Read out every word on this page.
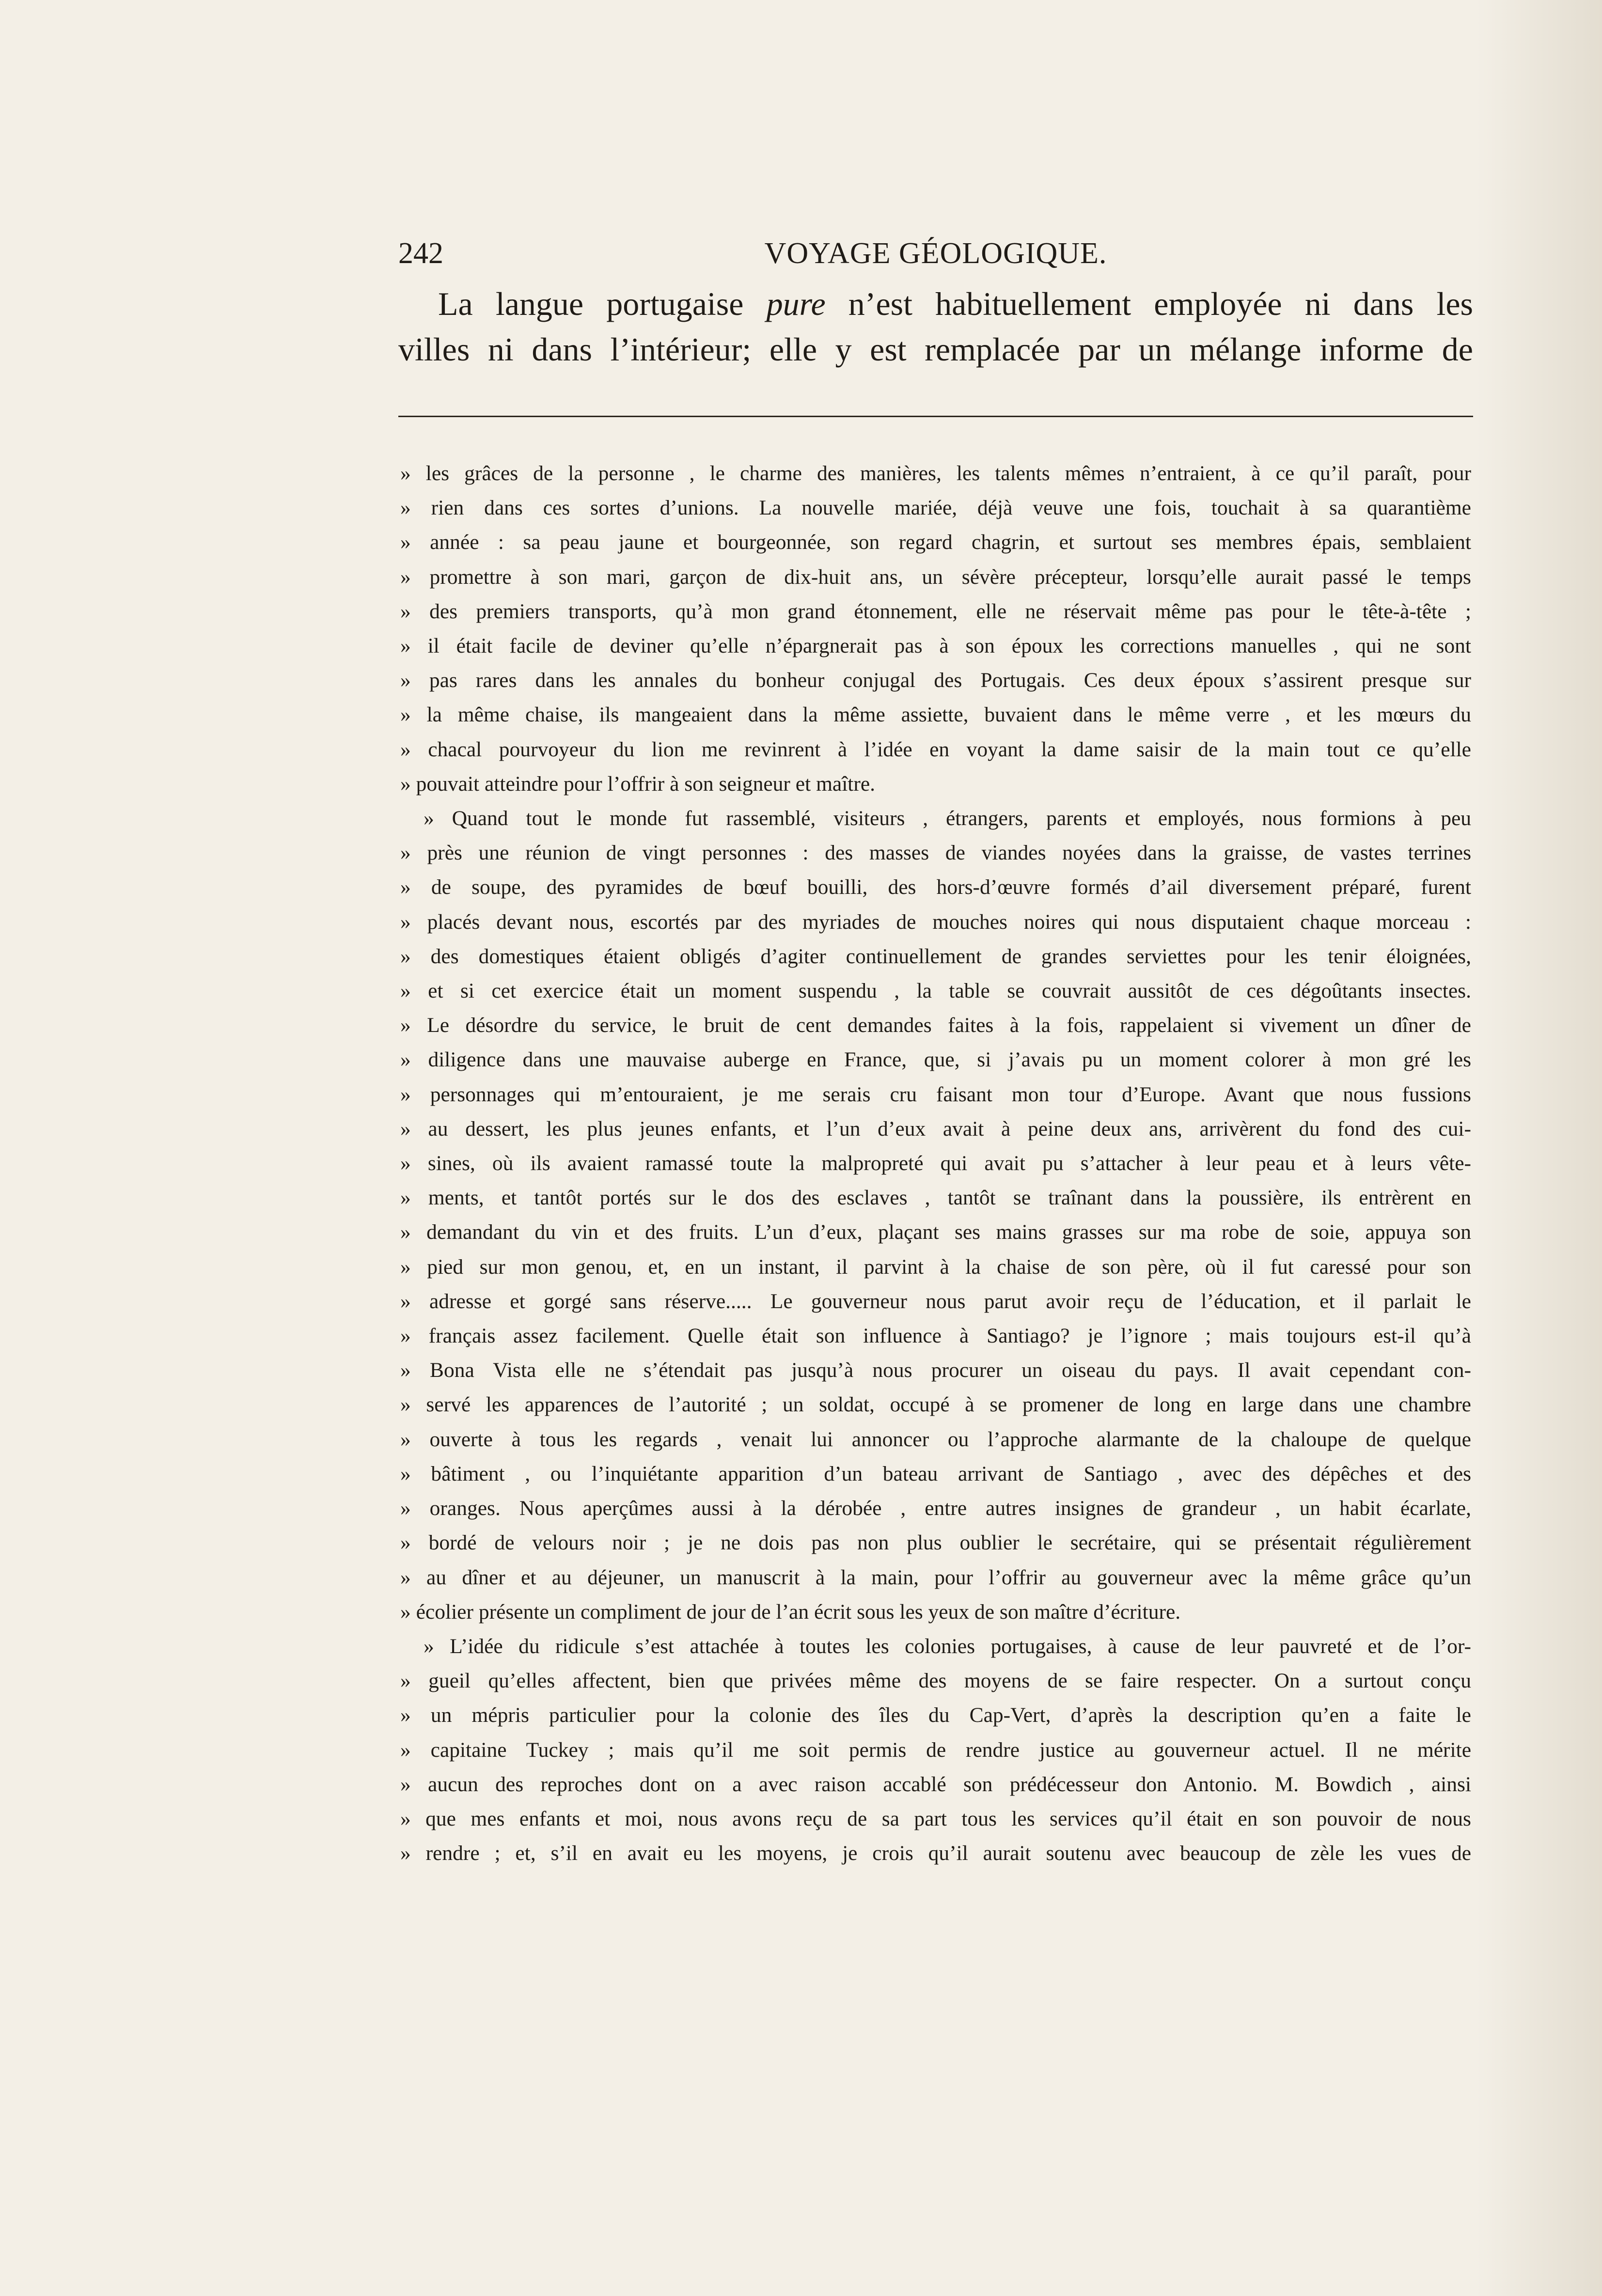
242	VOYAGE GÉOLOGIQUE.
La langue portugaise pure n’est habituellement employée ni dans les
villes ni dans l’intérieur; elle y est remplacée par un mélange informe de
» les grâces de la personne , le charme des manières, les talents mêmes n’entraient, à ce qu’il paraît, pour
» rien dans ces sortes d’unions. La nouvelle mariée, déjà veuve une fois, touchait à sa quarantième
» année : sa peau jaune et bourgeonnée, son regard chagrin, et surtout ses membres épais, semblaient
» promettre à son mari, garçon de dix-huit ans, un sévère précepteur, lorsqu’elle aurait passé le temps
» des premiers transports, qu’à mon grand étonnement, elle ne réservait même pas pour le tête-à-tête ;
» il était facile de deviner qu’elle n’épargnerait pas à son époux les corrections manuelles , qui ne sont
» pas rares dans les annales du bonheur conjugal des Portugais. Ces deux époux s’assirent presque sur
» la même chaise, ils mangeaient dans la même assiette, buvaient dans le même verre , et les mœurs du
» chacal pourvoyeur du lion me revinrent à l’idée en voyant la dame saisir de la main tout ce qu’elle
» pouvait atteindre pour l’offrir à son seigneur et maître.
» Quand tout le monde fut rassemblé, visiteurs , étrangers, parents et employés, nous formions à peu
» près une réunion de vingt personnes : des masses de viandes noyées dans la graisse, de vastes terrines
» de soupe, des pyramides de bœuf bouilli, des hors-d’œuvre formés d’ail diversement préparé, furent
» placés devant nous, escortés par des myriades de mouches noires qui nous disputaient chaque morceau :
» des domestiques étaient obligés d’agiter continuellement de grandes serviettes pour les tenir éloignées,
» et si cet exercice était un moment suspendu , la table se couvrait aussitôt de ces dégoûtants insectes.
» Le désordre du service, le bruit de cent demandes faites à la fois, rappelaient si vivement un dîner de
» diligence dans une mauvaise auberge en France, que, si j’avais pu un moment colorer à mon gré les
» personnages qui m’entouraient, je me serais cru faisant mon tour d’Europe. Avant que nous fussions
» au dessert, les plus jeunes enfants, et l’un d’eux avait à peine deux ans, arrivèrent du fond des cui-
» sines, où ils avaient ramassé toute la malpropreté qui avait pu s’attacher à leur peau et à leurs vête-
» ments, et tantôt portés sur le dos des esclaves , tantôt se traînant dans la poussière, ils entrèrent en
» demandant du vin et des fruits. L’un d’eux, plaçant ses mains grasses sur ma robe de soie, appuya son
» pied sur mon genou, et, en un instant, il parvint à la chaise de son père, où il fut caressé pour son
» adresse et gorgé sans réserve..... Le gouverneur nous parut avoir reçu de l’éducation, et il parlait le
» français assez facilement. Quelle était son influence à Santiago? je l’ignore ; mais toujours est-il qu’à
» Bona Vista elle ne s’étendait pas jusqu’à nous procurer un oiseau du pays. Il avait cependant con-
» servé les apparences de l’autorité ; un soldat, occupé à se promener de long en large dans une chambre
» ouverte à tous les regards , venait lui annoncer ou l’approche alarmante de la chaloupe de quelque
» bâtiment , ou l’inquiétante apparition d’un bateau arrivant de Santiago , avec des dépêches et des
» oranges. Nous aperçûmes aussi à la dérobée , entre autres insignes de grandeur , un habit écarlate,
» bordé de velours noir ; je ne dois pas non plus oublier le secrétaire, qui se présentait régulièrement
» au dîner et au déjeuner, un manuscrit à la main, pour l’offrir au gouverneur avec la même grâce qu’un
» écolier présente un compliment de jour de l’an écrit sous les yeux de son maître d’écriture.
» L’idée du ridicule s’est attachée à toutes les colonies portugaises, à cause de leur pauvreté et de l’or-
» gueil qu’elles affectent, bien que privées même des moyens de se faire respecter. On a surtout conçu
» un mépris particulier pour la colonie des îles du Cap-Vert, d’après la description qu’en a faite le
» capitaine Tuckey ; mais qu’il me soit permis de rendre justice au gouverneur actuel. Il ne mérite
» aucun des reproches dont on a avec raison accablé son prédécesseur don Antonio. M. Bowdich , ainsi
» que mes enfants et moi, nous avons reçu de sa part tous les services qu’il était en son pouvoir de nous
» rendre ; et, s’il en avait eu les moyens, je crois qu’il aurait soutenu avec beaucoup de zèle les vues de
